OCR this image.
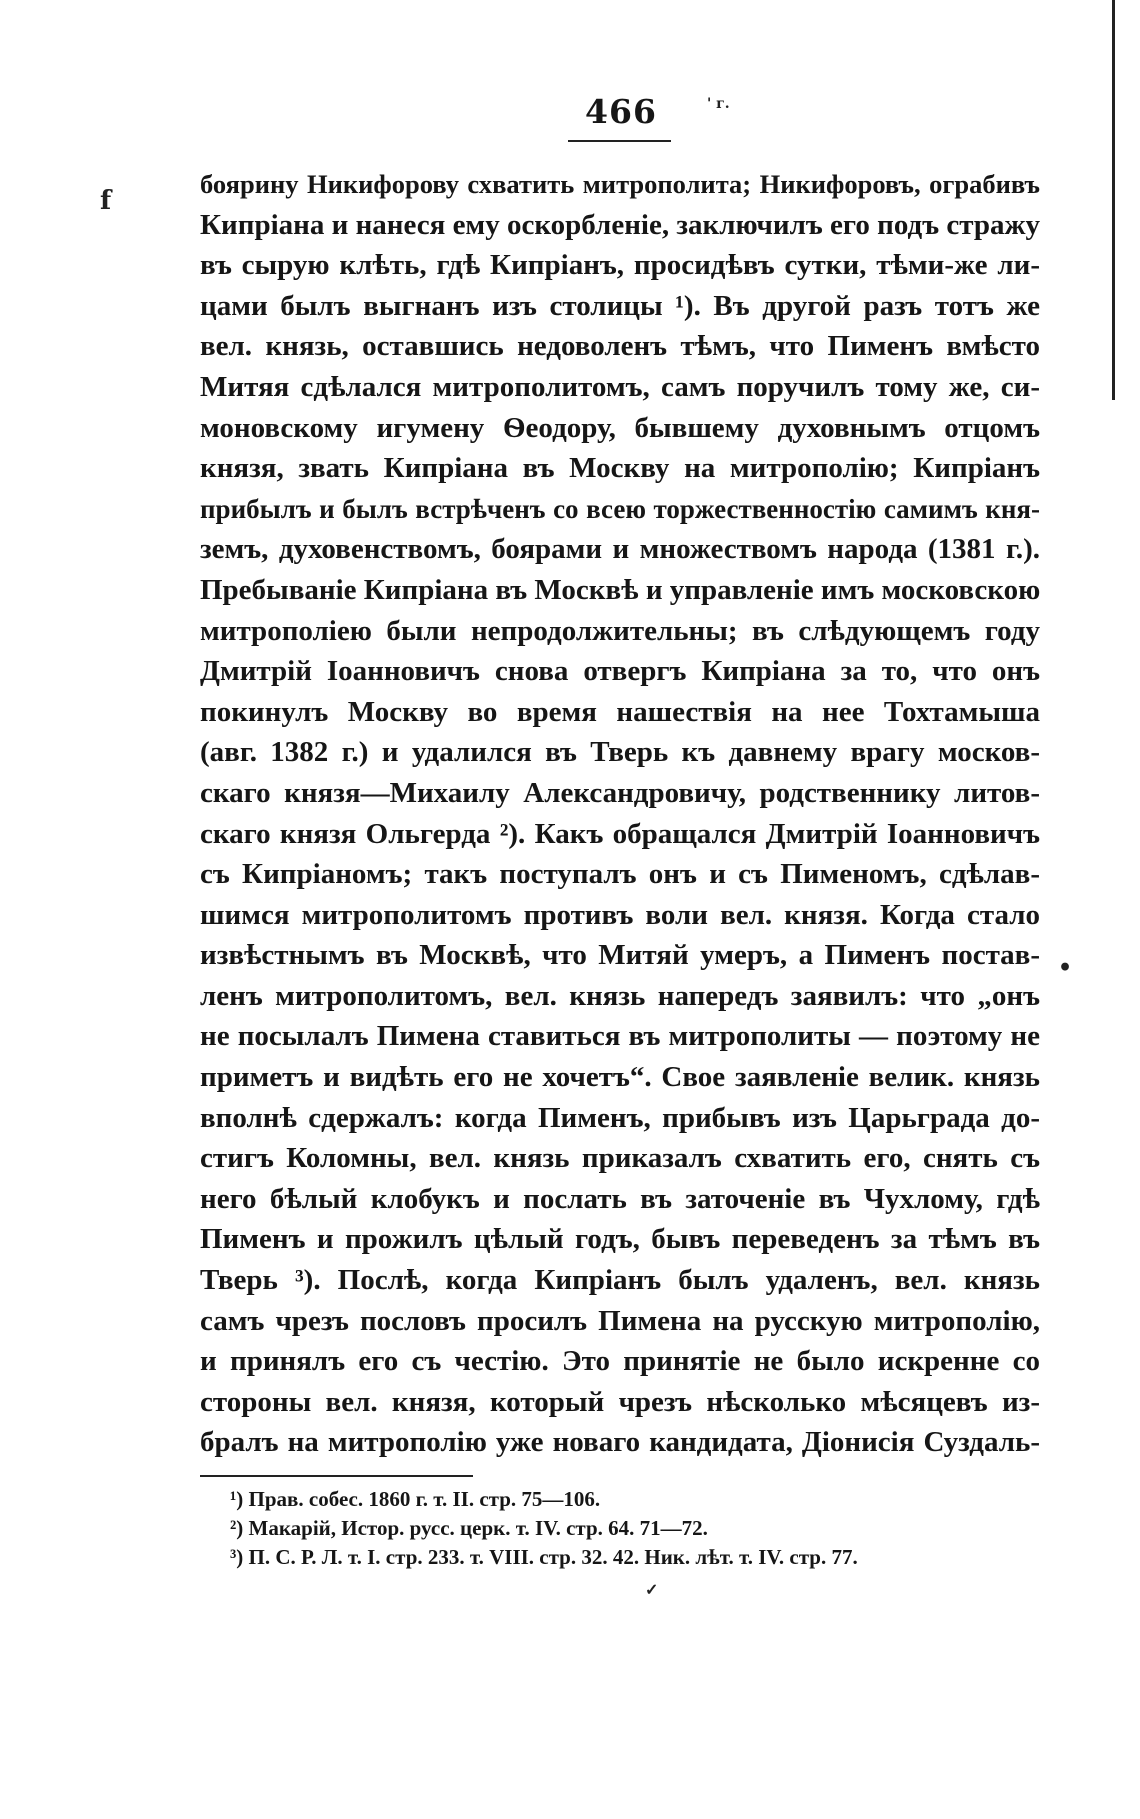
' г.
466
f
•
боярину Никифорову схватить митрополита; Никифоровъ, ограбивъ
Кипріана и нанеся ему оскорбленіе, заключилъ его подъ стражу
въ сырую клѣть, гдѣ Кипріанъ, просидѣвъ сутки, тѣми-же ли-
цами былъ выгнанъ изъ столицы ¹). Въ другой разъ тотъ же
вел. князь, оставшись недоволенъ тѣмъ, что Пименъ вмѣсто
Митяя сдѣлался митрополитомъ, самъ поручилъ тому же, си-
моновскому игумену Ѳеодору, бывшему духовнымъ отцомъ
князя, звать Кипріана въ Москву на митрополію; Кипріанъ
прибылъ и былъ встрѣченъ со всею торжественностію самимъ кня-
земъ, духовенствомъ, боярами и множествомъ народа (1381 г.).
Пребываніе Кипріана въ Москвѣ и управленіе имъ московскою
митрополіею были непродолжительны; въ слѣдующемъ году
Дмитрій Іоанновичъ снова отвергъ Кипріана за то, что онъ
покинулъ Москву во время нашествія на нее Тохтамыша
(авг. 1382 г.) и удалился въ Тверь къ давнему врагу москов-
скаго князя—Михаилу Александровичу, родственнику литов-
скаго князя Ольгерда ²). Какъ обращался Дмитрій Іоанновичъ
съ Кипріаномъ; такъ поступалъ онъ и съ Пименомъ, сдѣлав-
шимся митрополитомъ противъ воли вел. князя. Когда стало
извѣстнымъ въ Москвѣ, что Митяй умеръ, а Пименъ постав-
ленъ митрополитомъ, вел. князь напередъ заявилъ: что „онъ
не посылалъ Пимена ставиться въ митрополиты — поэтому не
приметъ и видѣть его не хочетъ“. Свое заявленіе велик. князь
вполнѣ сдержалъ: когда Пименъ, прибывъ изъ Царьграда до-
стигъ Коломны, вел. князь приказалъ схватить его, снять съ
него бѣлый клобукъ и послать въ заточеніе въ Чухлому, гдѣ
Пименъ и прожилъ цѣлый годъ, бывъ переведенъ за тѣмъ въ
Тверь ³). Послѣ, когда Кипріанъ былъ удаленъ, вел. князь
самъ чрезъ пословъ просилъ Пимена на русскую митрополію,
и принялъ его съ честію. Это принятіе не было искренне со
стороны вел. князя, который чрезъ нѣсколько мѣсяцевъ из-
бралъ на митрополію уже новаго кандидата, Діонисія Суздаль-
¹) Прав. собес. 1860 г. т. II. стр. 75—106.
²) Макарій, Истор. русс. церк. т. IV. стр. 64. 71—72.
³) П. С. Р. Л. т. I. стр. 233. т. VIII. стр. 32. 42. Ник. лѣт. т. IV. стр. 77.
✓
